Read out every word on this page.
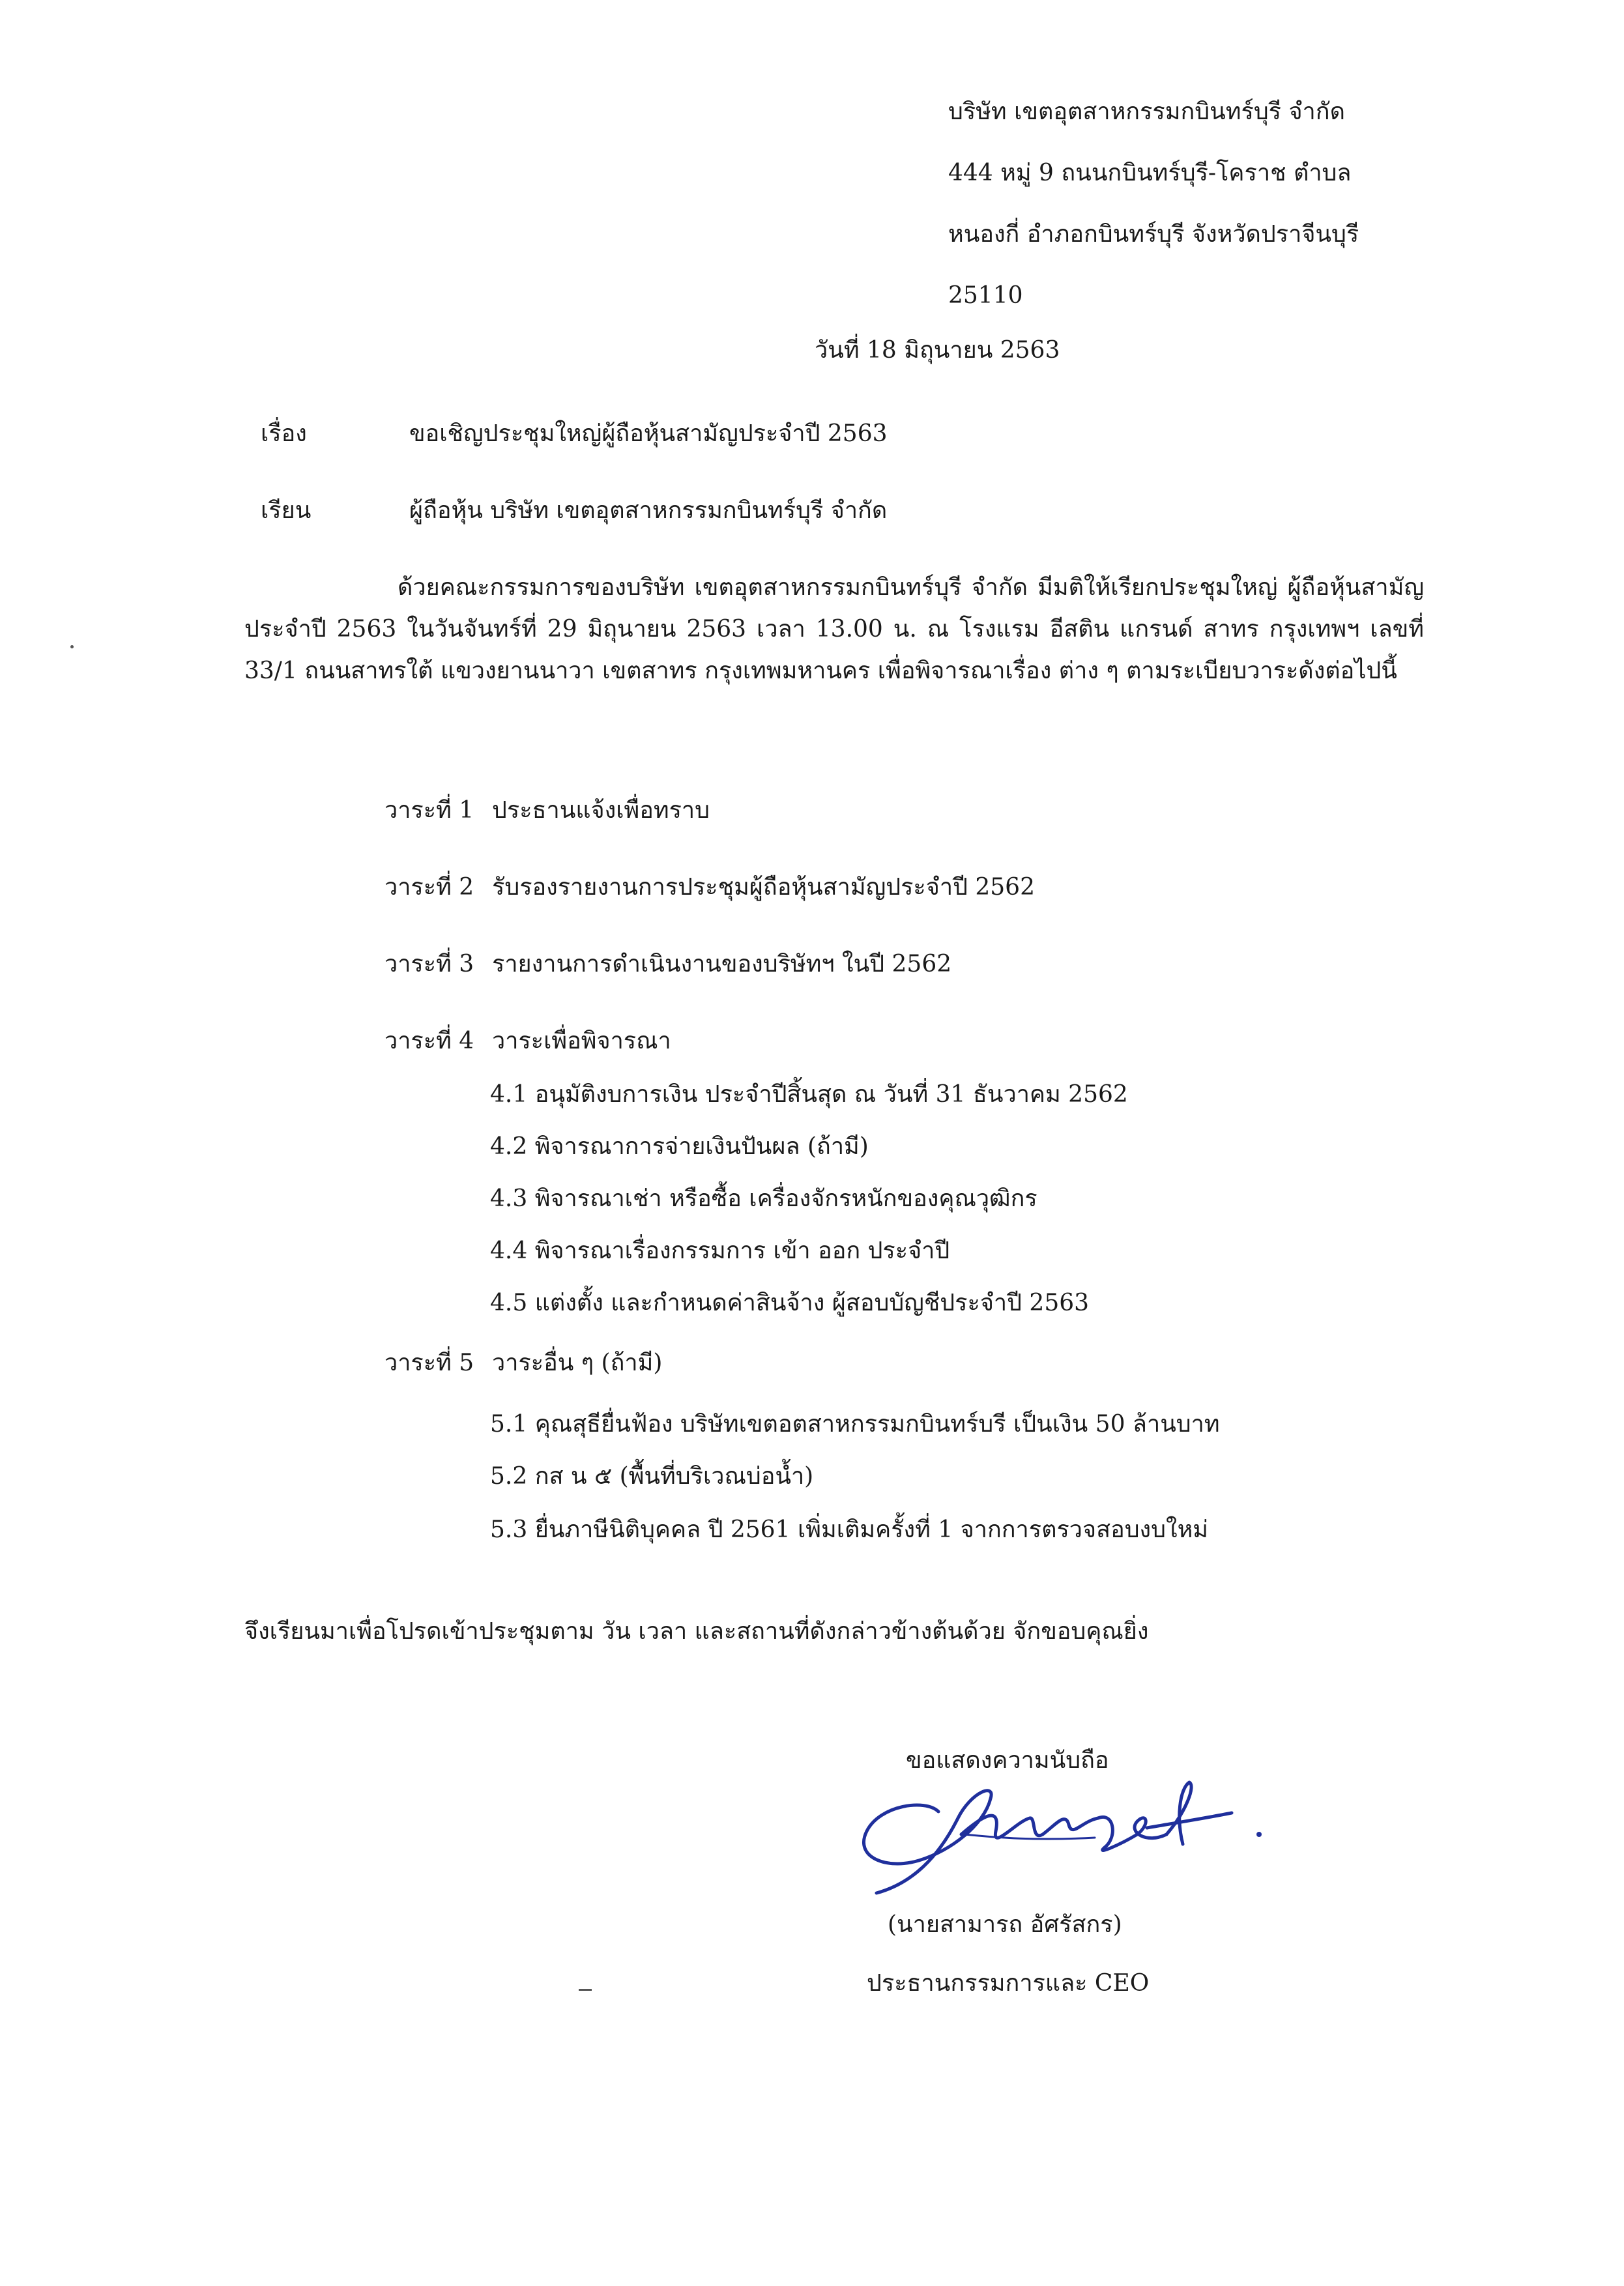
บริษัท เขตอุตสาหกรรมกบินทร์บุรี จำกัด
444 หมู่ 9 ถนนกบินทร์บุรี-โคราช ตำบล
หนองกี่ อำภอกบินทร์บุรี จังหวัดปราจีนบุรี
25110
วันที่ 18 มิถุนายน 2563
เรื่อง	ขอเชิญประชุมใหญ่ผู้ถือหุ้นสามัญประจำปี 2563
เรียน	ผู้ถือหุ้น บริษัท เขตอุตสาหกรรมกบินทร์บุรี จำกัด
ด้วยคณะกรรมการของบริษัท เขตอุตสาหกรรมกบินทร์บุรี จำกัด มีมติให้เรียกประชุมใหญ่ ผู้ถือหุ้นสามัญประจำปี 2563 ในวันจันทร์ที่ 29 มิถุนายน 2563 เวลา 13.00 น. ณ โรงแรม อีสติน แกรนด์ สาทร กรุงเทพฯ เลขที่ 33/1 ถนนสาทรใต้ แขวงยานนาวา เขตสาทร กรุงเทพมหานคร เพื่อพิจารณาเรื่อง ต่าง ๆ ตามระเบียบวาระดังต่อไปนี้
วาระที่ 1 ประธานแจ้งเพื่อทราบ
วาระที่ 2 รับรองรายงานการประชุมผู้ถือหุ้นสามัญประจำปี 2562
วาระที่ 3 รายงานการดำเนินงานของบริษัทฯ ในปี 2562
วาระที่ 4 วาระเพื่อพิจารณา
4.1 อนุมัติงบการเงิน ประจำปีสิ้นสุด ณ วันที่ 31 ธันวาคม 2562
4.2 พิจารณาการจ่ายเงินปันผล (ถ้ามี)
4.3 พิจารณาเช่า หรือซื้อ เครื่องจักรหนักของคุณวุฒิกร
4.4 พิจารณาเรื่องกรรมการ เข้า ออก ประจำปี
4.5 แต่งตั้ง และกำหนดค่าสินจ้าง ผู้สอบบัญชีประจำปี 2563
วาระที่ 5 วาระอื่น ๆ (ถ้ามี)
5.1 คุณสุธียื่นฟ้อง บริษัทเขตอตสาหกรรมกบินทร์บรี เป็นเงิน 50 ล้านบาท
5.2 กส น ๕ (พื้นที่บริเวณบ่อน้ำ)
5.3 ยื่นภาษีนิติบุคคล ปี 2561 เพิ่มเติมครั้งที่ 1 จากการตรวจสอบงบใหม่
จึงเรียนมาเพื่อโปรดเข้าประชุมตาม วัน เวลา และสถานที่ดังกล่าวข้างต้นด้วย จักขอบคุณยิ่ง
ขอแสดงความนับถือ
(นายสามารถ อัศรัสกร)
ประธานกรรมการและ CEO
